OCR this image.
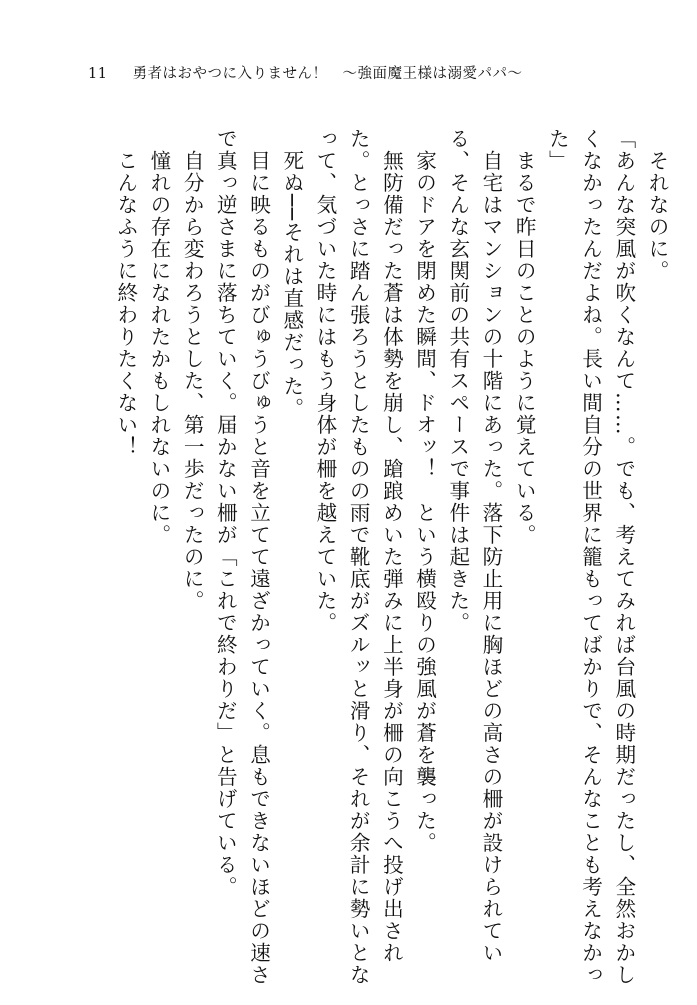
11 勇者はおやつに入りません！　〜強面魔王様は溺愛パパ〜

　それなのに。

「あんな突風が吹くなんて……。でも、考えてみれば台風の時期だったし、全然おかしくなかったんだよね。長い間自分の世界に籠もってばかりで、そんなことも考えなかった」

　まるで昨日のことのように覚えている。

　自宅はマンションの十階にあった。落下防止用に胸ほどの高さの柵が設けられている、そんな玄関前の共有スペースで事件は起きた。

　家のドアを閉めた瞬間、ドオッ！　という横殴りの強風が蒼を襲った。

　無防備だった蒼は体勢を崩し、蹌踉めいた弾みに上半身が柵の向こうへ投げ出された。とっさに踏ん張ろうとしたものの雨で靴底がズルッと滑り、それが余計に勢いとなって、気づいた時にはもう身体が柵を越えていた。

　死ぬ──それは直感だった。

　目に映るものがびゅうびゅうと音を立てて遠ざかっていく。息もできないほどの速さで真っ逆さまに落ちていく。届かない柵が「これで終わりだ」と告げている。

　自分から変わろうとした、第一歩だったのに。

　憧れの存在になれたかもしれないのに。

　こんなふうに終わりたくない！
